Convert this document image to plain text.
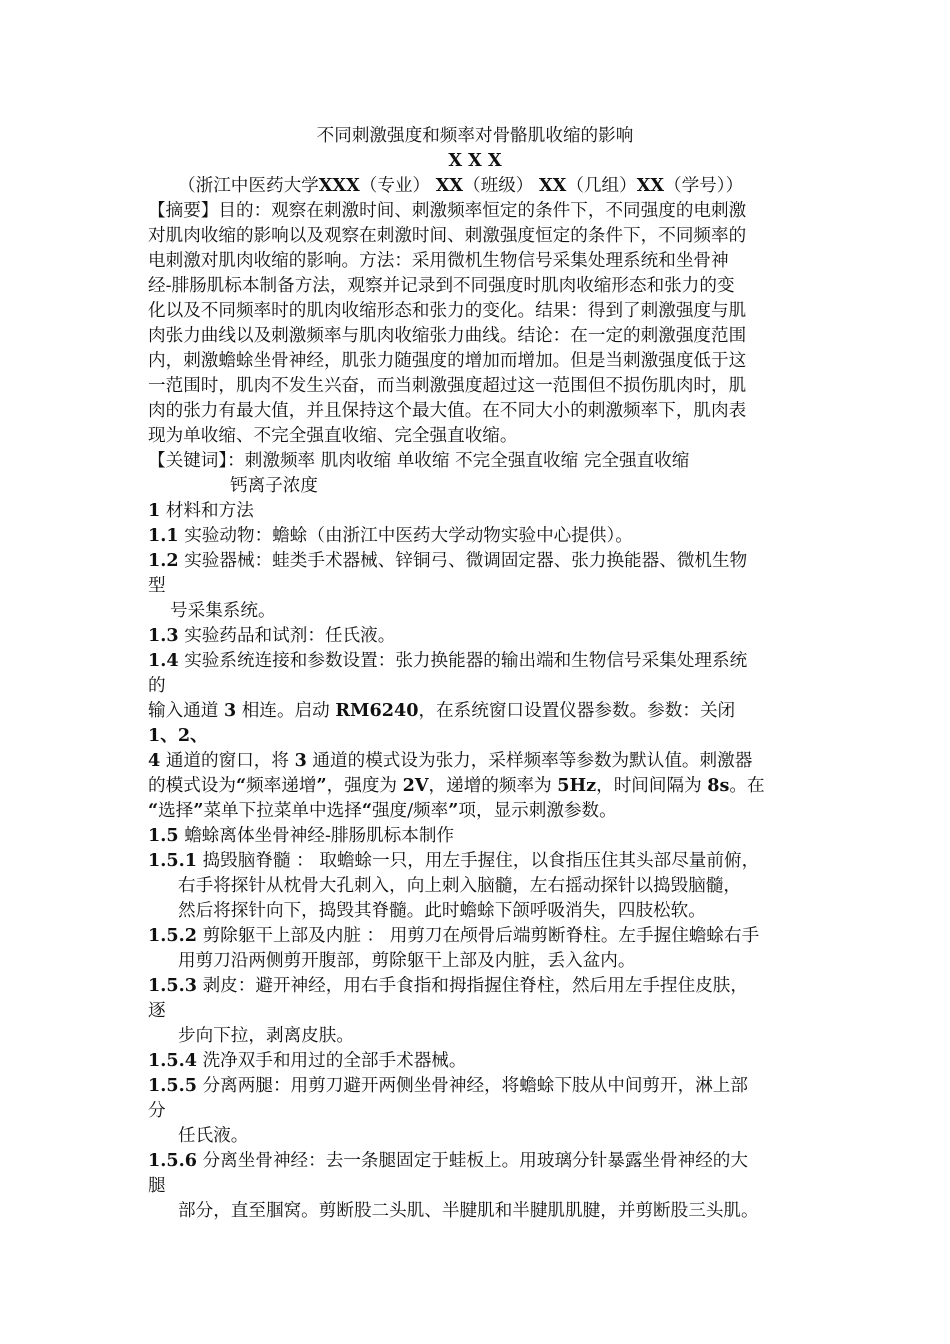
不同刺激强度和频率对骨骼肌收缩的影响

X X X

（浙江中医药大学XXX（专业） XX（班级） XX（几组）XX（学号））

【摘要】目的：观察在刺激时间、刺激频率恒定的条件下，不同强度的电刺激

对肌肉收缩的影响以及观察在刺激时间、刺激强度恒定的条件下，不同频率的

电刺激对肌肉收缩的影响。方法：采用微机生物信号采集处理系统和坐骨神

经-腓肠肌标本制备方法，观察并记录到不同强度时肌肉收缩形态和张力的变

化以及不同频率时的肌肉收缩形态和张力的变化。结果：得到了刺激强度与肌

肉张力曲线以及刺激频率与肌肉收缩张力曲线。结论：在一定的刺激强度范围

内，刺激蟾蜍坐骨神经，肌张力随强度的增加而增加。但是当刺激强度低于这

一范围时，肌肉不发生兴奋，而当刺激强度超过这一范围但不损伤肌肉时，肌

肉的张力有最大值，并且保持这个最大值。在不同大小的刺激频率下，肌肉表

现为单收缩、不完全强直收缩、完全强直收缩。

【关键词】：刺激频率 肌肉收缩 单收缩 不完全强直收缩 完全强直收缩

钙离子浓度

1 材料和方法

1.1 实验动物：蟾蜍（由浙江中医药大学动物实验中心提供）。

1.2 实验器械：蛙类手术器械、锌铜弓、微调固定器、张力换能器、微机生物

型

号采集系统。

1.3 实验药品和试剂：任氏液。

1.4 实验系统连接和参数设置：张力换能器的输出端和生物信号采集处理系统

的

输入通道 3 相连。启动 RM6240，在系统窗口设置仪器参数。参数：关闭

1、2、

4 通道的窗口，将 3 通道的模式设为张力，采样频率等参数为默认值。刺激器

的模式设为“频率递增”，强度为 2V，递增的频率为 5Hz，时间间隔为 8s。在

“选择”菜单下拉菜单中选择“强度/频率”项，显示刺激参数。

1.5 蟾蜍离体坐骨神经-腓肠肌标本制作

1.5.1 捣毁脑脊髓 ： 取蟾蜍一只，用左手握住，以食指压住其头部尽量前俯，

右手将探针从枕骨大孔刺入，向上刺入脑髓，左右摇动探针以捣毁脑髓，

然后将探针向下，捣毁其脊髓。此时蟾蜍下颌呼吸消失，四肢松软。

1.5.2 剪除躯干上部及内脏 ： 用剪刀在颅骨后端剪断脊柱。左手握住蟾蜍右手

用剪刀沿两侧剪开腹部，剪除躯干上部及内脏，丢入盆内。

1.5.3 剥皮：避开神经，用右手食指和拇指握住脊柱，然后用左手捏住皮肤，

逐

步向下拉，剥离皮肤。

1.5.4 洗净双手和用过的全部手术器械。

1.5.5 分离两腿：用剪刀避开两侧坐骨神经，将蟾蜍下肢从中间剪开，淋上部

分

任氏液。

1.5.6 分离坐骨神经：去一条腿固定于蛙板上。用玻璃分针暴露坐骨神经的大

腿

部分，直至腘窝。剪断股二头肌、半腱肌和半腱肌肌腱，并剪断股三头肌。
